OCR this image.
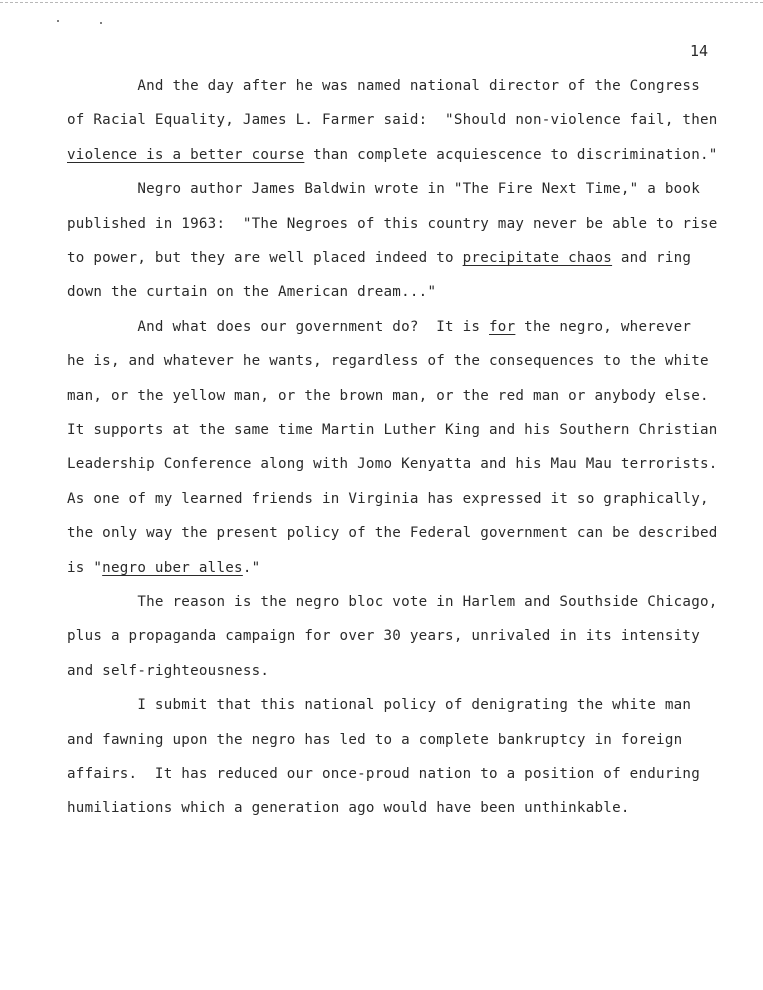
14
And the day after he was named national director of the Congress
of Racial Equality, James L. Farmer said:  "Should non-violence fail, then
violence is a better course than complete acquiescence to discrimination."
Negro author James Baldwin wrote in "The Fire Next Time," a book
published in 1963:  "The Negroes of this country may never be able to rise
to power, but they are well placed indeed to precipitate chaos and ring
down the curtain on the American dream..."
And what does our government do?  It is for the negro, wherever
he is, and whatever he wants, regardless of the consequences to the white
man, or the yellow man, or the brown man, or the red man or anybody else.
It supports at the same time Martin Luther King and his Southern Christian
Leadership Conference along with Jomo Kenyatta and his Mau Mau terrorists.
As one of my learned friends in Virginia has expressed it so graphically,
the only way the present policy of the Federal government can be described
is "negro uber alles."
The reason is the negro bloc vote in Harlem and Southside Chicago,
plus a propaganda campaign for over 30 years, unrivaled in its intensity
and self-righteousness.
I submit that this national policy of denigrating the white man
and fawning upon the negro has led to a complete bankruptcy in foreign
affairs.  It has reduced our once-proud nation to a position of enduring
humiliations which a generation ago would have been unthinkable.
